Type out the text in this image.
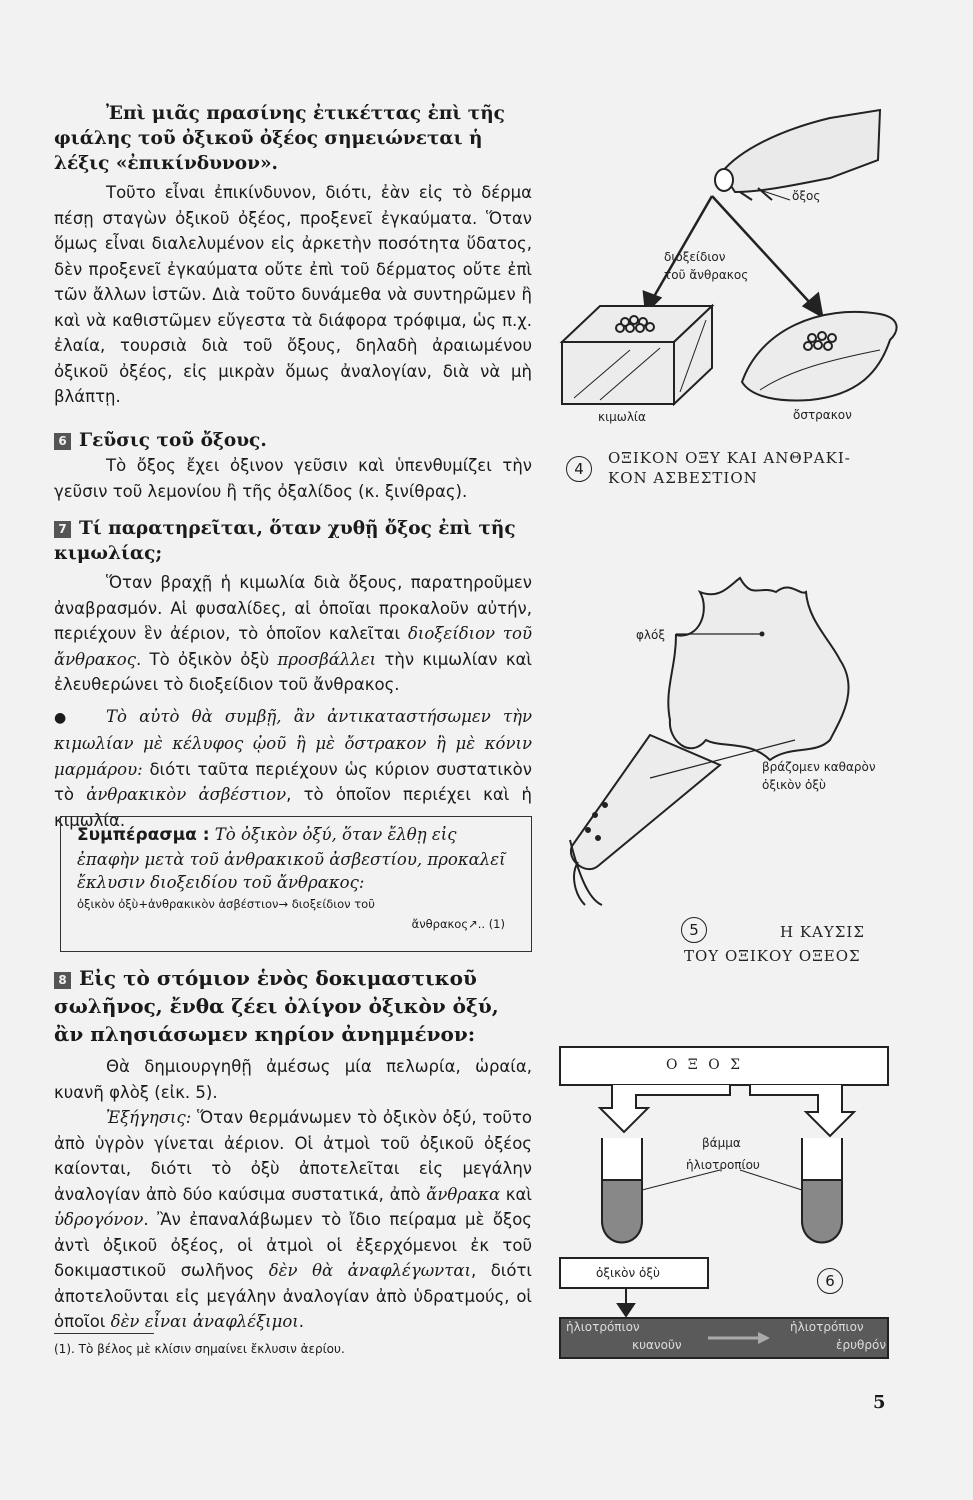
Ἐπὶ μιᾶς πρασίνης ἐτικέττας ἐπὶ τῆς φιάλης τοῦ ὀξικοῦ ὀξέος σημειώνεται ἡ λέξις «ἐπικίνδυνον».

Τοῦτο εἶναι ἐπικίνδυνον, διότι, ἐὰν εἰς τὸ δέρμα πέσῃ σταγὼν ὀξικοῦ ὀξέος, προξενεῖ ἐγκαύματα. Ὅταν ὅμως εἶναι διαλελυμένον εἰς ἀρκετὴν ποσότητα ὕδατος, δὲν προξενεῖ ἐγκαύματα οὔτε ἐπὶ τοῦ δέρματος οὔτε ἐπὶ τῶν ἄλλων ἱστῶν. Διὰ τοῦτο δυνάμεθα νὰ συντηρῶμεν ἢ καὶ νὰ καθιστῶμεν εὔγεστα τὰ διάφορα τρόφιμα, ὡς π.χ. ἐλαία, τουρσιὰ διὰ τοῦ ὄξους, δηλαδὴ ἀραιωμένου ὀξικοῦ ὀξέος, εἰς μικρὰν ὅμως ἀναλογίαν, διὰ νὰ μὴ βλάπτῃ.

6 Γεῦσις τοῦ ὄξους.

Τὸ ὄξος ἔχει ὀξινον γεῦσιν καὶ ὑπενθυμίζει τὴν γεῦσιν τοῦ λεμονίου ἢ τῆς ὀξαλίδος (κ. ξινίθρας).

7 Τί παρατηρεῖται, ὅταν χυθῇ ὄξος ἐπὶ τῆς κιμωλίας;

Ὅταν βραχῇ ἡ κιμωλία διὰ ὄξους, παρατηροῦμεν ἀναβρασμόν. Αἱ φυσαλίδες, αἱ ὁποῖαι προκαλοῦν αὐτήν, περιέχουν ἓν ἀέριον, τὸ ὁποῖον καλεῖται διοξείδιον τοῦ ἄνθρακος. Τὸ ὀξικὸν ὀξὺ προσβάλλει τὴν κιμωλίαν καὶ ἐλευθερώνει τὸ διοξείδιον τοῦ ἄνθρακος.

● Τὸ αὐτὸ θὰ συμβῇ, ἂν ἀντικαταστήσωμεν τὴν κιμωλίαν μὲ κέλυφος ᾠοῦ ἢ μὲ ὄστρακον ἢ μὲ κόνιν μαρμάρου: διότι ταῦτα περιέχουν ὡς κύριον συστατικὸν τὸ ἀνθρακικὸν ἀσβέστιον, τὸ ὁποῖον περιέχει καὶ ἡ κιμωλία.

Συμπέρασμα : Τὸ ὀξικὸν ὀξύ, ὅταν ἔλθῃ εἰς ἐπαφὴν μετὰ τοῦ ἀνθρακικοῦ ἀσβεστίου, προκαλεῖ ἔκλυσιν διοξειδίου τοῦ ἄνθρακος:

ὀξικὸν ὀξὺ+ἀνθρακικὸν ἀσβέστιον→ διοξείδιον τοῦ

ἄνθρακος↗.. (1)

8 Εἰς τὸ στόμιον ἑνὸς δοκιμαστικοῦ σωλῆνος, ἔνθα ζέει ὀλίγον ὀξικὸν ὀξύ, ἂν πλησιάσωμεν κηρίον ἀνημμένον:

Θὰ δημιουργηθῇ ἀμέσως μία πελωρία, ὡραία, κυανῆ φλὸξ (εἰκ. 5).

Ἐξήγησις: Ὅταν θερμάνωμεν τὸ ὀξικὸν ὀξύ, τοῦτο ἀπὸ ὑγρὸν γίνεται ἀέριον. Οἱ ἀτμοὶ τοῦ ὀξικοῦ ὀξέος καίονται, διότι τὸ ὀξὺ ἀποτελεῖται εἰς μεγάλην ἀναλογίαν ἀπὸ δύο καύσιμα συστατικά, ἀπὸ ἄνθρακα καὶ ὑδρογόνον. Ἂν ἐπαναλάβωμεν τὸ ἴδιο πείραμα μὲ ὄξος ἀντὶ ὀξικοῦ ὀξέος, οἱ ἀτμοὶ οἱ ἐξερχόμενοι ἐκ τοῦ δοκιμαστικοῦ σωλῆνος δὲν θὰ ἀναφλέγωνται, διότι ἀποτελοῦνται εἰς μεγάλην ἀναλογίαν ἀπὸ ὑδρατμούς, οἱ ὁποῖοι δὲν εἶναι ἀναφλέξιμοι.

(1). Τὸ βέλος μὲ κλίσιν σημαίνει ἔκλυσιν ἀερίου.
5
ὄξος
διοξείδιον
τοῦ ἄνθρακος
κιμωλία	ὄστρακον
4
ΟΞΙΚΟΝ ΟΞΥ ΚΑΙ ΑΝΘΡΑΚΙ-
ΚΟΝ ΑΣΒΕΣΤΙΟΝ
φλόξ
βράζομεν καθαρὸν
ὀξικὸν ὀξὺ
5	Η ΚΑΥΣΙΣ
ΤΟΥ ΟΞΙΚΟΥ ΟΞΕΟΣ
Ο Ξ Ο Σ
βάμμα
ἡλιοτροπίου
ὀξικὸν ὀξὺ	6
ἡλιοτρόπιον
κυανοῦν
ἡλιοτρόπιον
ἐρυθρόν
